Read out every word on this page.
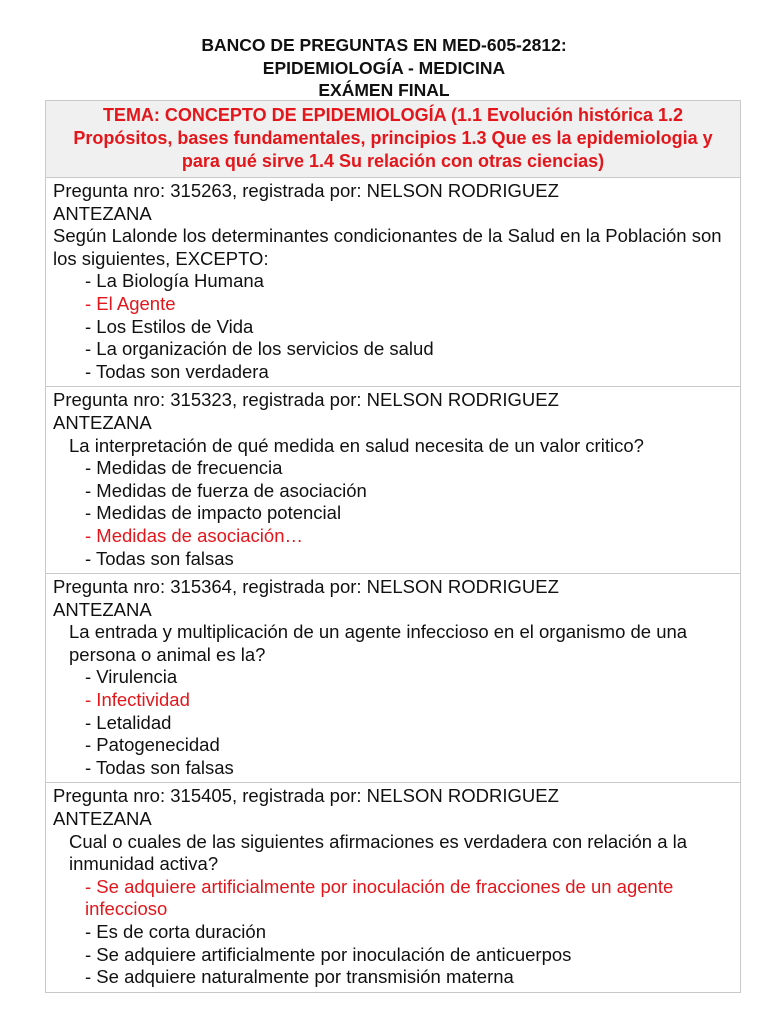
BANCO DE PREGUNTAS EN MED-605-2812:
EPIDEMIOLOGÍA - MEDICINA
EXÁMEN FINAL
TEMA: CONCEPTO DE EPIDEMIOLOGÍA (1.1 Evolución histórica 1.2 Propósitos, bases fundamentales, principios 1.3 Que es la epidemiologia y para qué sirve 1.4 Su relación con otras ciencias)
Pregunta nro: 315263, registrada por: NELSON RODRIGUEZ
ANTEZANA
Según Lalonde los determinantes condicionantes de la Salud en la Población son los siguientes, EXCEPTO:
- La Biología Humana
- El Agente
- Los Estilos de Vida
- La organización de los servicios de salud
- Todas son verdadera
Pregunta nro: 315323, registrada por: NELSON RODRIGUEZ
ANTEZANA
La interpretación de qué medida en salud necesita de un valor critico?
- Medidas de frecuencia
- Medidas de fuerza de asociación
- Medidas de impacto potencial
- Medidas de asociación…
- Todas son falsas
Pregunta nro: 315364, registrada por: NELSON RODRIGUEZ
ANTEZANA
La entrada y multiplicación de un agente infeccioso en el organismo de una persona o animal es la?
- Virulencia
- Infectividad
- Letalidad
- Patogenecidad
- Todas son falsas
Pregunta nro: 315405, registrada por: NELSON RODRIGUEZ
ANTEZANA
Cual o cuales de las siguientes afirmaciones es verdadera con relación a la inmunidad activa?
- Se adquiere artificialmente por inoculación de fracciones de un agente infeccioso
- Es de corta duración
- Se adquiere artificialmente por inoculación de anticuerpos
- Se adquiere naturalmente por transmisión materna
